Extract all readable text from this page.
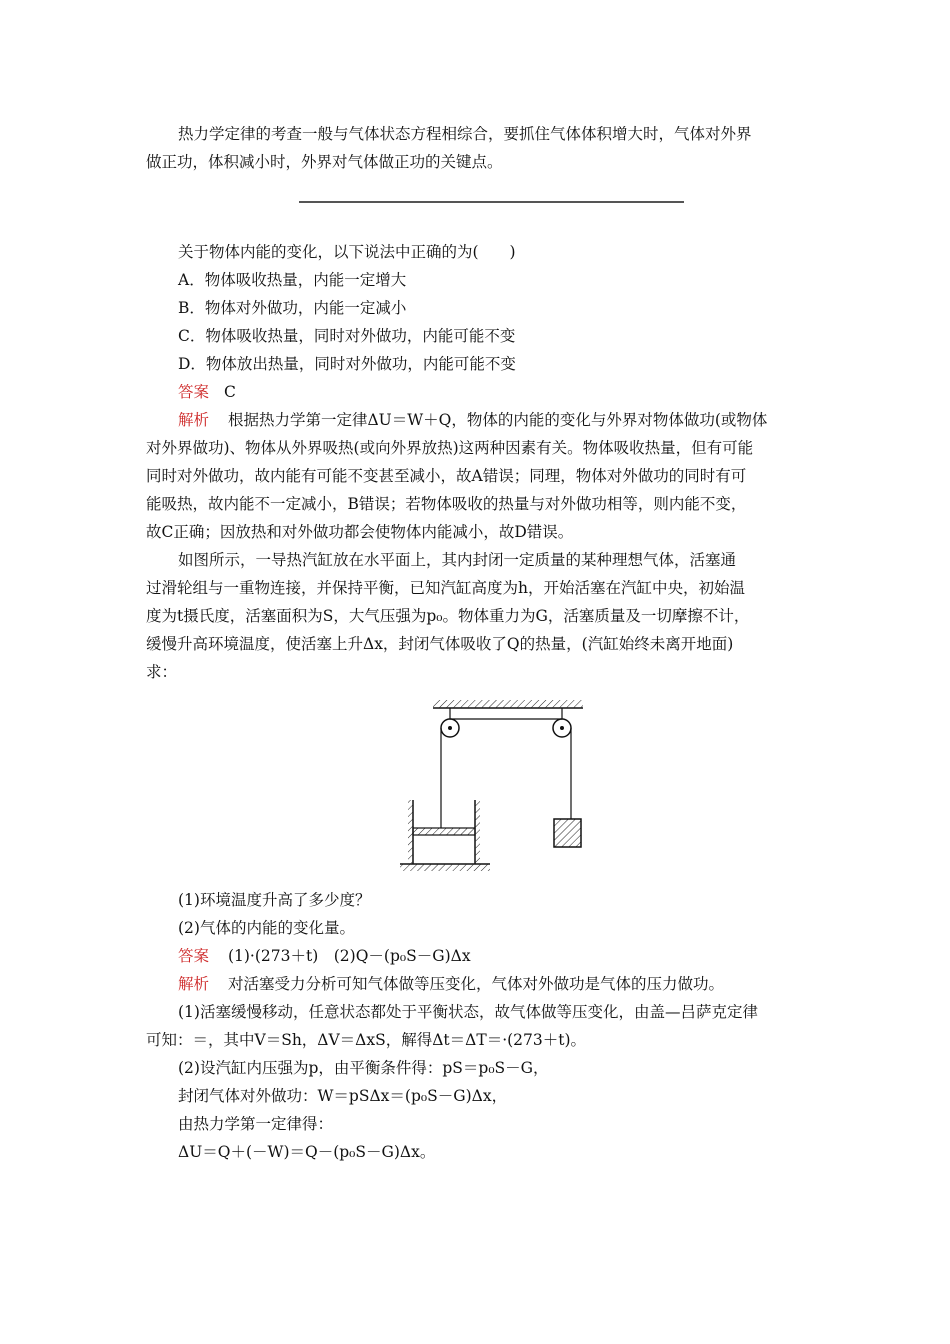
热力学定律的考查一般与气体状态方程相综合，要抓住气体体积增大时，气体对外界
做正功，体积减小时，外界对气体做正功的关键点。
关于物体内能的变化，以下说法中正确的为(　　)
A．物体吸收热量，内能一定增大
B．物体对外做功，内能一定减小
C．物体吸收热量，同时对外做功，内能可能不变
D．物体放出热量，同时对外做功，内能可能不变
答案 C
解析 根据热力学第一定律ΔU＝W＋Q，物体的内能的变化与外界对物体做功(或物体
对外界做功)、物体从外界吸热(或向外界放热)这两种因素有关。物体吸收热量，但有可能
同时对外做功，故内能有可能不变甚至减小，故A错误；同理，物体对外做功的同时有可
能吸热，故内能不一定减小，B错误；若物体吸收的热量与对外做功相等，则内能不变，
故C正确；因放热和对外做功都会使物体内能减小，故D错误。
如图所示，一导热汽缸放在水平面上，其内封闭一定质量的某种理想气体，活塞通
过滑轮组与一重物连接，并保持平衡，已知汽缸高度为h，开始活塞在汽缸中央，初始温
度为t摄氏度，活塞面积为S，大气压强为p₀。物体重力为G，活塞质量及一切摩擦不计，
缓慢升高环境温度，使活塞上升Δx，封闭气体吸收了Q的热量，(汽缸始终未离开地面)
求：
(1)环境温度升高了多少度？
(2)气体的内能的变化量。
答案 (1)·(273＋t)　(2)Q－(p₀S－G)Δx
解析 对活塞受力分析可知气体做等压变化，气体对外做功是气体的压力做功。
(1)活塞缓慢移动，任意状态都处于平衡状态，故气体做等压变化，由盖—吕萨克定律
可知：＝，其中V＝Sh，ΔV＝ΔxS，解得Δt＝ΔT＝·(273＋t)。
(2)设汽缸内压强为p，由平衡条件得：pS＝p₀S－G，
封闭气体对外做功：W＝pSΔx＝(p₀S－G)Δx，
由热力学第一定律得：
ΔU＝Q＋(－W)＝Q－(p₀S－G)Δx。
